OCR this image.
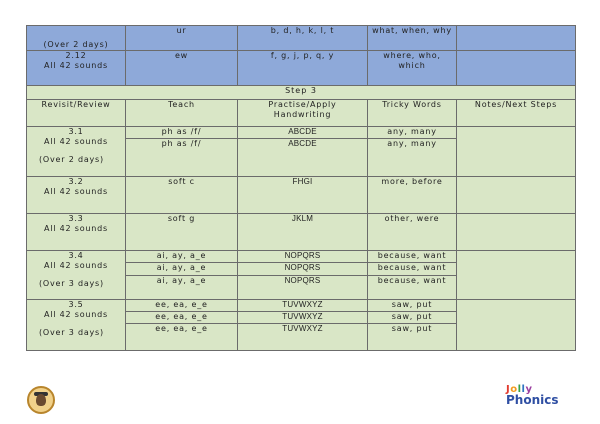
(Over 2 days)	ur	b, d, h, k, l, t	what, when, why	

2.12
All 42 sounds	ew	f, g, j, p, q, y	where, who, which	
Step 3				
Revisit/Review	Teach	Practise/Apply Handwriting	Tricky Words	Notes/Next Steps

3.1
All 42 sounds
(Over 2 days)	ph as /f/	ABCDE	any, many	
	ph as /f/	ABCDE	any, many	

3.2
All 42 sounds	soft c	FHGI	more, before	

3.3
All 42 sounds	soft g	JKLM	other, were	

3.4
All 42 sounds
(Over 3 days)	ai, ay, a_e	NOPQRS	because, want	
	ai, ay, a_e	NOPQRS	because, want	
	ai, ay, a_e	NOPQRS	because, want	

3.5
All 42 sounds
(Over 3 days)	ee, ea, e_e	TUVWXYZ	saw, put	
	ee, ea, e_e	TUVWXYZ	saw, put	
	ee, ea, e_e	TUVWXYZ	saw, put	
Jolly
Phonics
